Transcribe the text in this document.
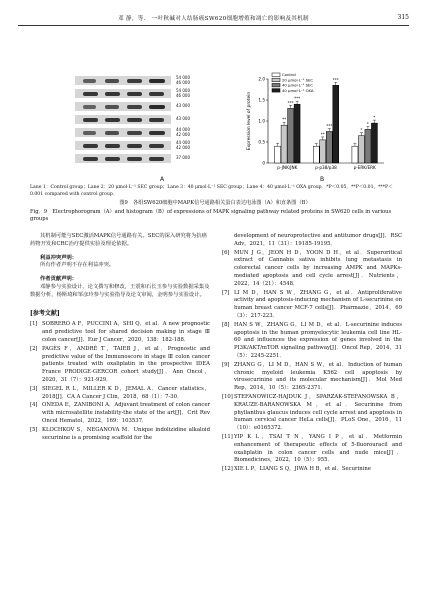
邓 静，等． 一叶秋碱对人结肠癌SW620细胞增殖和凋亡的影响及其机制	315
54 000
46 000
54 000
46 000
43 000
43 000
44 000
42 000
44 000
42 000
37 000
A
0
0.5
1.0
1.5
2.0
Expression level of protein	**
***
***
p-JNK/JNK
**
***
***
p-p38/p38
*
*
*
p-ERK/ERK
Control
20 μmol·L⁻¹ SEC
40 μmol·L⁻¹ SEC
40 μmol·L⁻¹ OXA
B
Lane 1：Control group；Lane 2：20 μmol·L⁻¹ SEC group；Lane 3：40 μmol·L⁻¹ SEC group；Lane 4：40 μmol·L⁻¹ OXA group．*P＜0.05，**P＜0.01，***P＜0.001 compared with control group．
图9　各组SW620细胞中MAPK信号通路相关蛋白表达电泳图（A）和直条图（B）
Fig．9　Electrophorogram（A）and histogram（B）of expressions of MAPK signaling pathway related proteins in SW620 cells in various groups

其机制可能与SEC激活MAPK信号通路有关。SEC的深入研究将为抗癌药物开发和CRC治疗提供实验及理论依据。

利益冲突声明：

所有作者声明不存在利益冲突。

作者贡献声明：

邓静参与实验设计、论文撰写和修改，王震和石长玉参与实验数据采集及数据分析，杨斯琦和邹彦玲参与实验指导及论文审阅，金明参与实验设计。

[参考文献]
[1] SOBRERO A F，PUCCINI A，SHI Q，et al．A new prognostic and predictive tool for shared decision making in stage Ⅲ colon cancer[J]．Eur J Cancer，2020，138：182-188．
[2] PAGÈS F，ANDRÉ T，TAIEB J，et al．Prognostic and predictive value of the Immunoscore in stage Ⅲ colon cancer patients treated with oxaliplatin in the prospective IDEA France PRODIGE-GERCOR cohort study[J]．Ann Oncol，2020，31（7）：921-929．
[3] SIEGEL R L，MILLER K D，JEMAL A．Cancer statistics，2018[J]．CA A Cancer J Clin，2018，68（1）：7-30．
[4] ONEDA E，ZANIBONI A．Adjuvant treatment of colon cancer with microsatellite instability-the state of the art[J]．Crit Rev Oncol Hematol，2022，169：103537．
[5] KLOCHKOV S，NEGANOVA M．Unique indolizidine alkaloid securinine is a promising scaffold for the
development of neuroprotective and antitumor drugs[J]．RSC Adv，2021，11（31）：19185-19195．
[6] MUN J G，JEON H D，YOON D H，et al．Superoritical extract of Cannabis sativa inhibits lung metastasis in colorectal cancer cells by increasing AMPK and MAPKs-mediated apoptosis and cell cycle arrest[J]．Nutrients，2022，14（21）：4548．
[7] LI M D，HAN S W，ZHANG G，et al．Antiproliferative activity and apoptosis-inducing mechanism of L-securinine on human breast cancer MCF-7 cells[J]．Pharmazie，2014，69（3）：217-223．
[8] HAN S W，ZHANG G，LI M D，et al．L-securinine induces apoptosis in the human promyelocytic leukemia cell line HL-60 and influences the expression of genes involved in the PI3K/AKT/mTOR signaling pathway[J]．Oncol Rep，2014，31（5）：2245-2251．
[9] ZHANG G，LI M D，HAN S W，et al．Induction of human chronic myeloid leukemia K562 cell apoptosis by virosecurinine and its molecular mechanism[J]．Mol Med Rep，2014，10（5）：2365-2371．
[10] STEFANOWICZ-HAJDUK J，SPARZAK-STEFANOWSKA B，KRAUZE-BARANOWSKA M，et al．Securinine from phyllanthus glaucus induces cell cycle arrest and apoptosis in human cervical cancer HeLa cells[J]．PLoS One，2016，11（10）：e0165372．
[11] YIP K L，TSAI T N，YANG I P，et al．Metformin enhancement of therapeutic effects of 5-fluorouracil and oxaliplatin in colon cancer cells and nude mice[J]．Biomedicines，2022，10（5）：955．
[12] XIE L P，LIANG S Q，JIWA H B，et al．Securinine
